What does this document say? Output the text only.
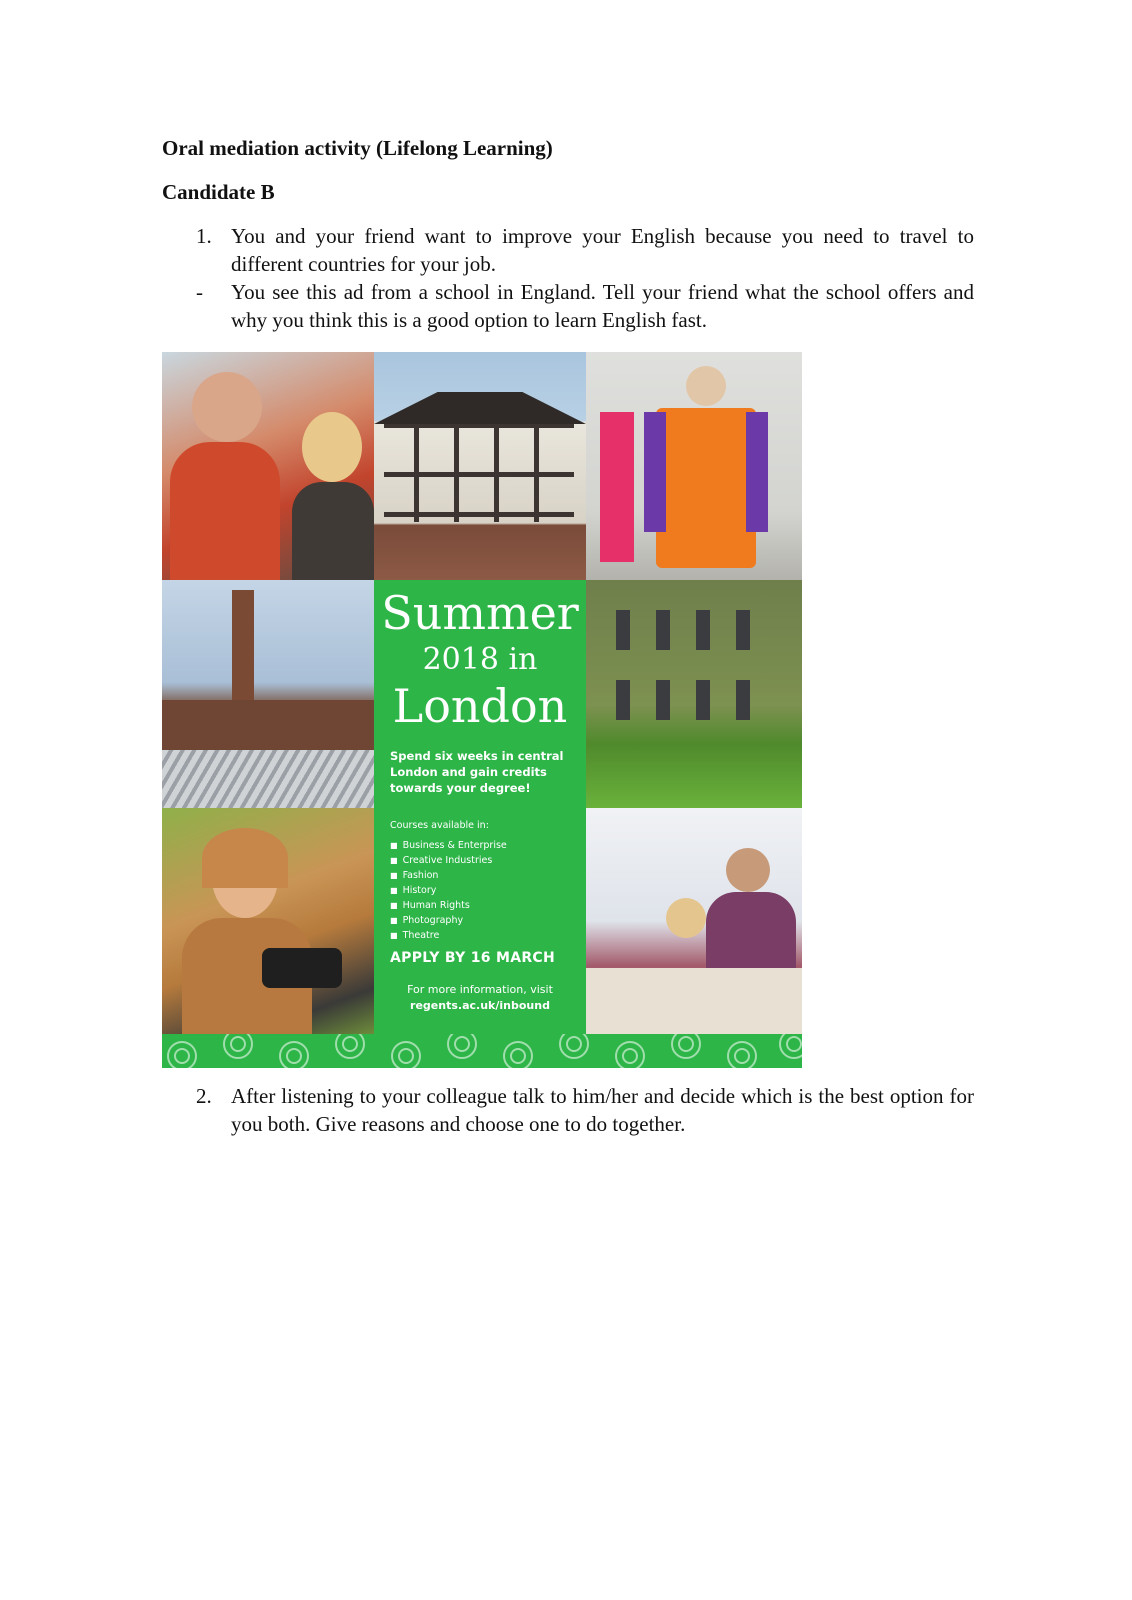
Oral mediation activity (Lifelong Learning)
Candidate B
1. You and your friend want to improve your English because you need to travel to different countries for your job.
- You see this ad from a school in England. Tell your friend what the school offers and why you think this is a good option to learn English fast.
Summer
2018 in
London
Spend six weeks in central London and gain credits towards your degree!
Courses available in:
■ Business & Enterprise
■ Creative Industries
■ Fashion
■ History
■ Human Rights
■ Photography
■ Theatre
APPLY BY 16 MARCH
For more information, visit
regents.ac.uk/inbound
2. After listening to your colleague talk to him/her and decide which is the best option for you both. Give reasons and choose one to do together.
